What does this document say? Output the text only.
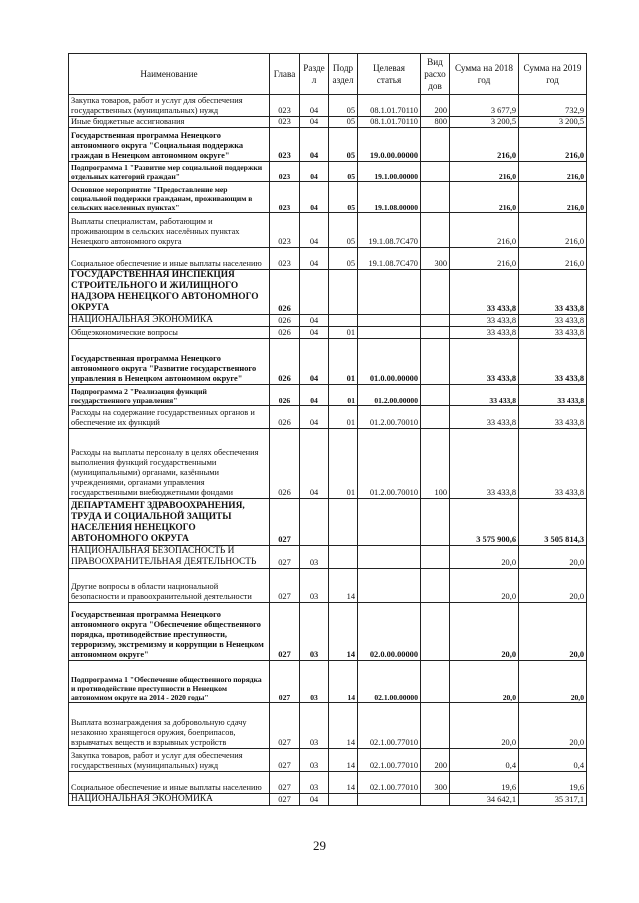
Наименование	Глава	Разде л	Подр аздел	Целевая статья	Вид расхо дов	Сумма на 2018 год	Сумма на 2019 год
Закупка товаров, работ и услуг для обеспечения государственных (муниципальных) нужд	023	04	05	08.1.01.70110	200	3 677,9	732,9
Иные бюджетные ассигнования	023	04	05	08.1.01.70110	800	3 200,5	3 200,5
Государственная программа Ненецкого автономного округа "Социальная поддержка граждан в Ненецком автономном округе"	023	04	05	19.0.00.00000		216,0	216,0
Подпрограмма 1 "Развитие мер социальной поддержки отдельных категорий граждан"	023	04	05	19.1.00.00000		216,0	216,0
Основное мероприятие "Предоставление мер социальной поддержки гражданам, проживающим в сельских населенных пунктах"	023	04	05	19.1.08.00000		216,0	216,0
Выплаты специалистам, работающим и проживающим в сельских населённых пунктах Ненецкого автономного округа	023	04	05	19.1.08.7С470		216,0	216,0
Социальное обеспечение и иные выплаты населению	023	04	05	19.1.08.7С470	300	216,0	216,0
ГОСУДАРСТВЕННАЯ ИНСПЕКЦИЯ СТРОИТЕЛЬНОГО И ЖИЛИЩНОГО НАДЗОРА НЕНЕЦКОГО АВТОНОМНОГО ОКРУГА	026					33 433,8	33 433,8
НАЦИОНАЛЬНАЯ ЭКОНОМИКА	026	04				33 433,8	33 433,8
Общеэкономические вопросы	026	04	01			33 433,8	33 433,8
Государственная программа Ненецкого автономного округа "Развитие государственного управления в Ненецком автономном округе"	026	04	01	01.0.00.00000		33 433,8	33 433,8
Подпрограмма 2 "Реализация функций государственного управления"	026	04	01	01.2.00.00000		33 433,8	33 433,8
Расходы на содержание государственных органов и обеспечение их функций	026	04	01	01.2.00.70010		33 433,8	33 433,8
Расходы на выплаты персоналу в целях обеспечения выполнения функций государственными (муниципальными) органами, казёнными учреждениями, органами управления государственными внебюджетными фондами	026	04	01	01.2.00.70010	100	33 433,8	33 433,8
ДЕПАРТАМЕНТ ЗДРАВООХРАНЕНИЯ, ТРУДА И СОЦИАЛЬНОЙ ЗАЩИТЫ НАСЕЛЕНИЯ НЕНЕЦКОГО АВТОНОМНОГО ОКРУГА	027					3 575 900,6	3 505 814,3
НАЦИОНАЛЬНАЯ БЕЗОПАСНОСТЬ И ПРАВООХРАНИТЕЛЬНАЯ ДЕЯТЕЛЬНОСТЬ	027	03				20,0	20,0
Другие вопросы в области национальной безопасности и правоохранительной деятельности	027	03	14			20,0	20,0
Государственная программа Ненецкого автономного округа "Обеспечение общественного порядка, противодействие преступности, терроризму, экстремизму и коррупции в Ненецком автономном округе"	027	03	14	02.0.00.00000		20,0	20,0
Подпрограмма 1 "Обеспечение общественного порядка и противодействие преступности в Ненецком автономном округе на 2014 - 2020 годы"	027	03	14	02.1.00.00000		20,0	20,0
Выплата вознаграждения за добровольную сдачу незаконно хранящегося оружия, боеприпасов, взрывчатых веществ и взрывных устройств	027	03	14	02.1.00.77010		20,0	20,0
Закупка товаров, работ и услуг для обеспечения государственных (муниципальных) нужд	027	03	14	02.1.00.77010	200	0,4	0,4
Социальное обеспечение и иные выплаты населению	027	03	14	02.1.00.77010	300	19,6	19,6
НАЦИОНАЛЬНАЯ ЭКОНОМИКА	027	04				34 642,1	35 317,1
29
